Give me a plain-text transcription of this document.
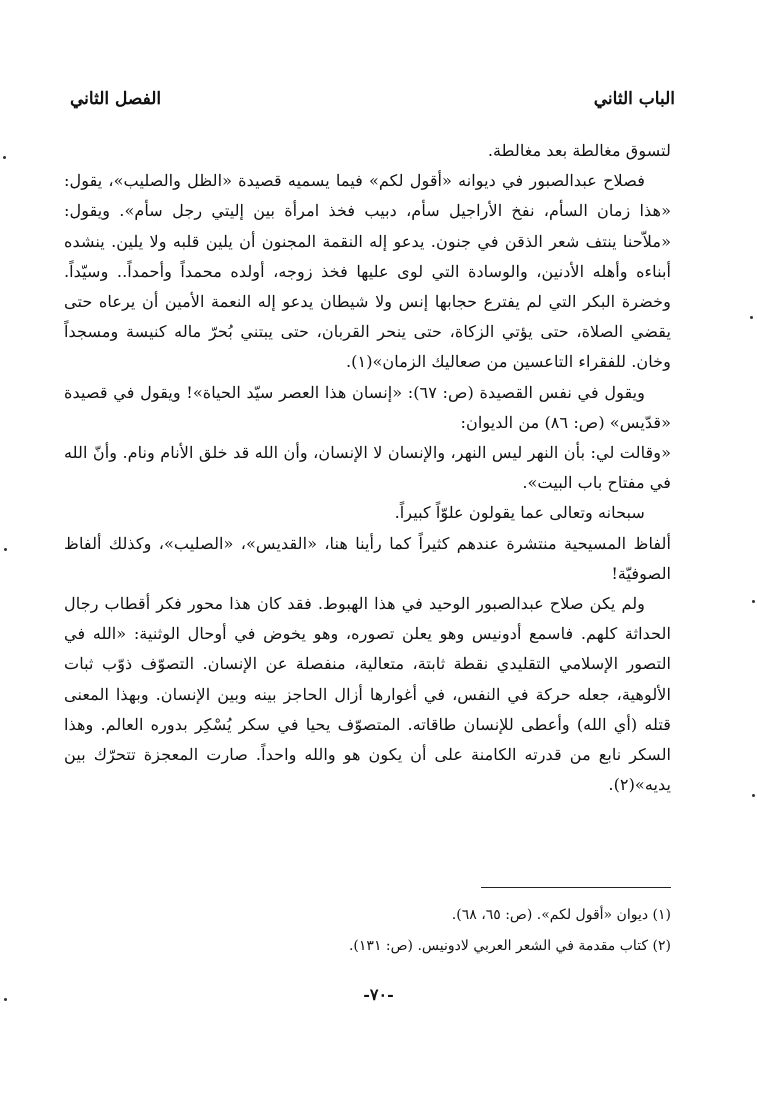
الباب الثاني
الفصل الثاني

لتسوق مغالطة بعد مغالطة.

فصلاح عبدالصبور في ديوانه «أقول لكم» فيما يسميه قصيدة «الظل والصليب»، يقول: «هذا زمان السأم، نفخ الأراجيل سأم، دبيب فخذ امرأة بين إليتي رجل سأم». ويقول: «ملاّحنا ينتف شعر الذقن في جنون. يدعو إله النقمة المجنون أن يلين قلبه ولا يلين. ينشده أبناءه وأهله الأدنين، والوسادة التي لوى عليها فخذ زوجه، أولده محمداً وأحمداً.. وسيّداً. وخضرة البكر التي لم يفترع حجابها إنس ولا شيطان يدعو إله النعمة الأمين أن يرعاه حتى يقضي الصلاة، حتى يؤتي الزكاة، حتى ينحر القربان، حتى يبتني بُحرّ ماله كنيسة ومسجداً وخان. للفقراء التاعسين من صعاليك الزمان»(١).

ويقول في نفس القصيدة (ص: ٦٧): «إنسان هذا العصر سيّد الحياة»! ويقول في قصيدة «قدّيس» (ص: ٨٦) من الديوان:

«وقالت لي: بأن النهر ليس النهر، والإنسان لا الإنسان، وأن الله قد خلق الأنام ونام. وأنّ الله في مفتاح باب البيت».

سبحانه وتعالى عما يقولون علوّاً كبيراً.

ألفاظ المسيحية منتشرة عندهم كثيراً كما رأينا هنا، «القديس»، «الصليب»، وكذلك ألفاظ الصوفيّة!

ولم يكن صلاح عبدالصبور الوحيد في هذا الهبوط. فقد كان هذا محور فكر أقطاب رجال الحداثة كلهم. فاسمع أدونيس وهو يعلن تصوره، وهو يخوض في أوحال الوثنية: «الله في التصور الإسلامي التقليدي نقطة ثابتة، متعالية، منفصلة عن الإنسان. التصوّف ذوّب ثبات الألوهية، جعله حركة في النفس، في أغوارها أزال الحاجز بينه وبين الإنسان. وبهذا المعنى قتله (أي الله) وأعطى للإنسان طاقاته. المتصوّف يحيا في سكر يُسْكِر بدوره العالم. وهذا السكر نابع من قدرته الكامنة على أن يكون هو والله واحداً. صارت المعجزة تتحرّك بين يديه»(٢).

(١) ديوان «أقول لكم». (ص: ٦٥، ٦٨).

(٢) كتاب مقدمة في الشعر العربي لادونيس. (ص: ١٣١).

-٧٠-
